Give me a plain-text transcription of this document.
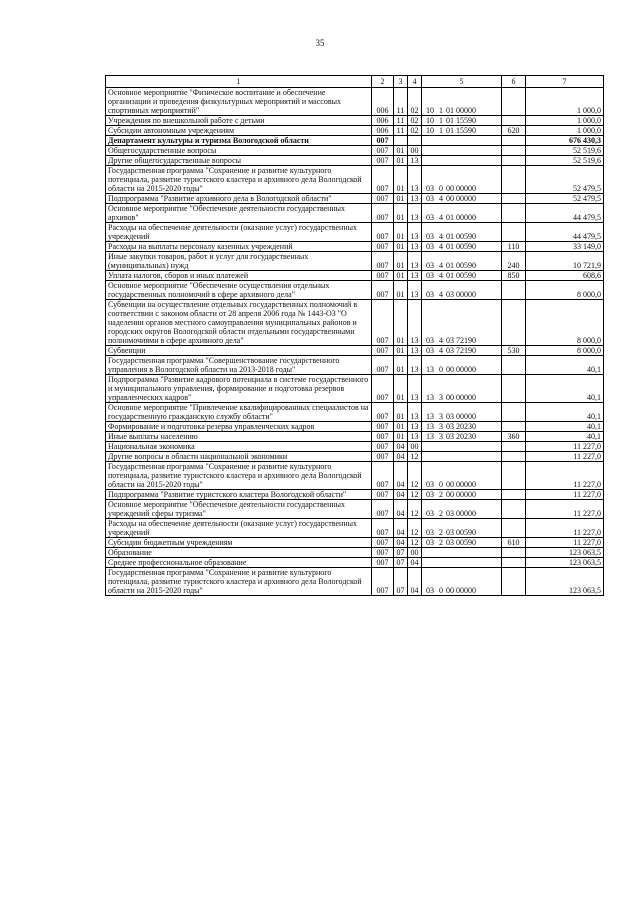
35
1	2	3	4	5	6	7
Основное мероприятие "Физическое воспитание и обеспечение организации и проведения физкультурных мероприятий и массовых спортивных мероприятий"	006	11	02	10 1 01 00000		1 000,0
Учреждения по внешкольной работе с детьми	006	11	02	10 1 01 15590		1 000,0
Субсидии автономным учреждениям	006	11	02	10 1 01 15590	620	1 000,0
Департамент культуры и туризма Вологодской области	007					676 430,3
Общегосударственные вопросы	007	01	00			52 519,6
Другие общегосударственные вопросы	007	01	13			52 519,6
Государственная программа "Сохранение и развитие культурного потенциала, развитие туристского кластера и архивного дела Вологодской области на 2015-2020 годы"	007	01	13	03 0 00 00000		52 479,5
Подпрограмма "Развитие архивного дела в Вологодской области"	007	01	13	03 4 00 00000		52 479,5
Основное мероприятие "Обеспечение деятельности государственных архивов"	007	01	13	03 4 01 00000		44 479,5
Расходы на обеспечение деятельности (оказание услуг) государственных учреждений	007	01	13	03 4 01 00590		44 479,5
Расходы на выплаты персоналу казенных учреждений	007	01	13	03 4 01 00590	110	33 149,0
Иные закупки товаров, работ и услуг для государственных (муниципальных) нужд	007	01	13	03 4 01 00590	240	10 721,9
Уплата налогов, сборов и иных платежей	007	01	13	03 4 01 00590	850	608,6
Основное мероприятие "Обеспечение осуществления отдельных государственных полномочий в сфере архивного дела"	007	01	13	03 4 03 00000		8 000,0
Субвенции на осуществление отдельных государственных полномочий в соответствии с законом области от 28 апреля 2006 года № 1443-ОЗ "О наделении органов местного самоуправления муниципальных районов и городских округов Вологодской области отдельными государственными полномочиями в сфере архивного дела"	007	01	13	03 4 03 72190		8 000,0
Субвенции	007	01	13	03 4 03 72190	530	8 000,0
Государственная программа "Совершенствование государственного управления в Вологодской области на 2013-2018 годы"	007	01	13	13 0 00 00000		40,1
Подпрограмма "Развитие кадрового потенциала в системе государственного и муниципального управления, формирование и подготовка резервов управленческих кадров"	007	01	13	13 3 00 00000		40,1
Основное мероприятие "Привлечение квалифицированных специалистов на государственную гражданскую службу области"	007	01	13	13 3 03 00000		40,1
Формирование и подготовка резерва управленческих кадров	007	01	13	13 3 03 20230		40,1
Иные выплаты населению	007	01	13	13 3 03 20230	360	40,1
Национальная экономика	007	04	00			11 227,0
Другие вопросы в области национальной экономики	007	04	12			11 227,0
Государственная программа "Сохранение и развитие культурного потенциала, развитие туристского кластера и архивного дела Вологодской области на 2015-2020 годы"	007	04	12	03 0 00 00000		11 227,0
Подпрограмма "Развитие туристского кластера Вологодской области"	007	04	12	03 2 00 00000		11 227,0
Основное мероприятие "Обеспечение деятельности государственных учреждений сферы туризма"	007	04	12	03 2 03 00000		11 227,0
Расходы на обеспечение деятельности (оказание услуг) государственных учреждений	007	04	12	03 2 03 00590		11 227,0
Субсидии бюджетным учреждениям	007	04	12	03 2 03 00590	610	11 227,0
Образование	007	07	00			123 063,5
Среднее профессиональное образование	007	07	04			123 063,5
Государственная программа "Сохранение и развитие культурного потенциала, развитие туристского кластера и архивного дела Вологодской области на 2015-2020 годы"	007	07	04	03 0 00 00000		123 063,5
